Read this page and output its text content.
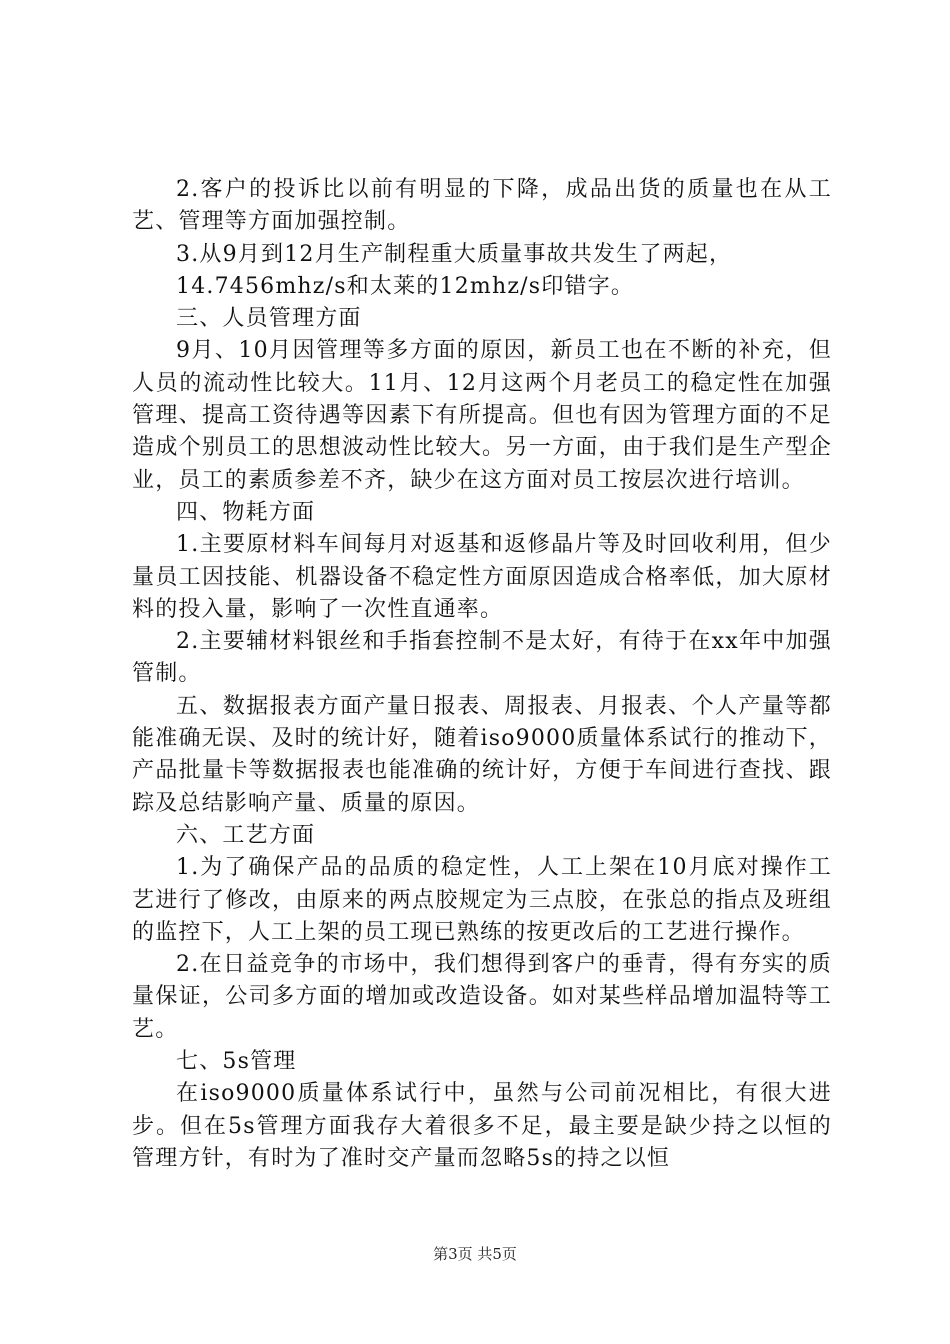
2.客户的投诉比以前有明显的下降，成品出货的质量也在从工艺、管理等方面加强控制。

3.从9月到12月生产制程重大质量事故共发生了两起，

14.7456mhz/s和太莱的12mhz/s印错字。

三、人员管理方面

9月、10月因管理等多方面的原因，新员工也在不断的补充，但人员的流动性比较大。11月、12月这两个月老员工的稳定性在加强管理、提高工资待遇等因素下有所提高。但也有因为管理方面的不足造成个别员工的思想波动性比较大。另一方面，由于我们是生产型企业，员工的素质参差不齐，缺少在这方面对员工按层次进行培训。

四、物耗方面

1.主要原材料车间每月对返基和返修晶片等及时回收利用，但少量员工因技能、机器设备不稳定性方面原因造成合格率低，加大原材料的投入量，影响了一次性直通率。

2.主要辅材料银丝和手指套控制不是太好，有待于在xx年中加强管制。

五、数据报表方面产量日报表、周报表、月报表、个人产量等都能准确无误、及时的统计好，随着iso9000质量体系试行的推动下，产品批量卡等数据报表也能准确的统计好，方便于车间进行查找、跟踪及总结影响产量、质量的原因。

六、工艺方面

1.为了确保产品的品质的稳定性，人工上架在10月底对操作工艺进行了修改，由原来的两点胶规定为三点胶，在张总的指点及班组的监控下，人工上架的员工现已熟练的按更改后的工艺进行操作。

2.在日益竞争的市场中，我们想得到客户的垂青，得有夯实的质量保证，公司多方面的增加或改造设备。如对某些样品增加温特等工艺。

七、5s管理

在iso9000质量体系试行中，虽然与公司前况相比，有很大进步。但在5s管理方面我存大着很多不足，最主要是缺少持之以恒的管理方针，有时为了准时交产量而忽略5s的持之以恒

第3页 共5页
